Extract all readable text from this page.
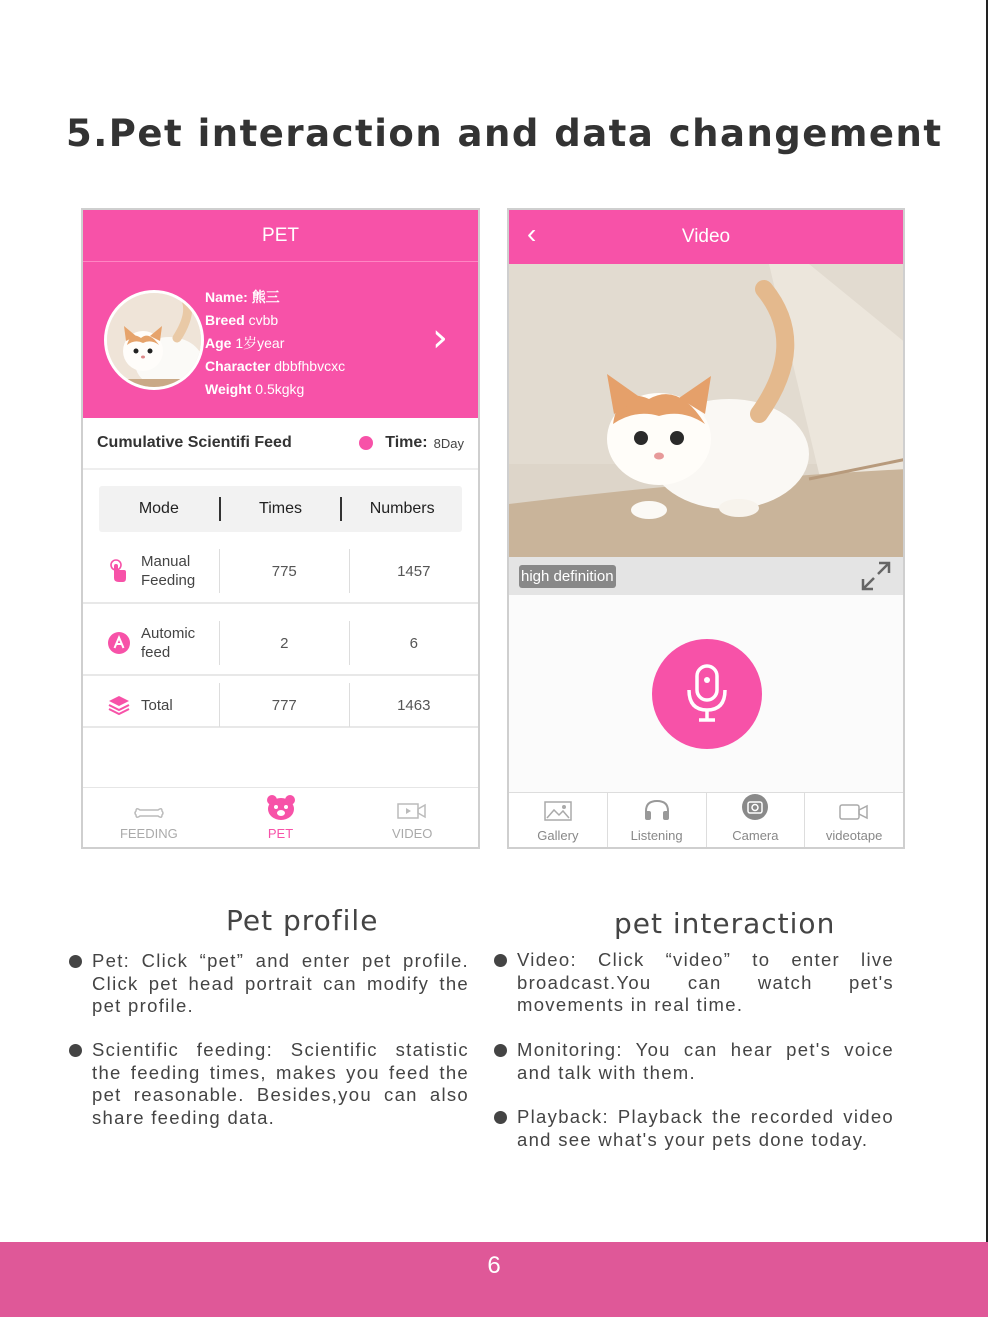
5.Pet interaction and data changement
PET
Name: 熊三
Breed cvbb
Age 1岁year
Character dbbfhbvcxc
Weight 0.5kgkg
›
Cumulative Scientifi Feed	Time: 8Day
Mode	Times	Numbers
Manual
Feeding
775	1457
Automic
feed
2	6
Total	777	1463
FEEDING	PET	VIDEO
‹	Video
high definition
Gallery	Listening	Camera	videotape
Pet profile
Pet: Click “pet” and enter pet profile. Click pet head portrait can modify the pet profile.
Scientific feeding: Scientific statistic the feeding times, makes you feed the pet reasonable. Besides,you can also share feeding data.
pet interaction
Video: Click “video” to enter live broadcast.You can watch pet's movements in real time.
Monitoring: You can hear pet's voice and talk with them.
Playback: Playback the recorded video and see what's your pets done today.
6
